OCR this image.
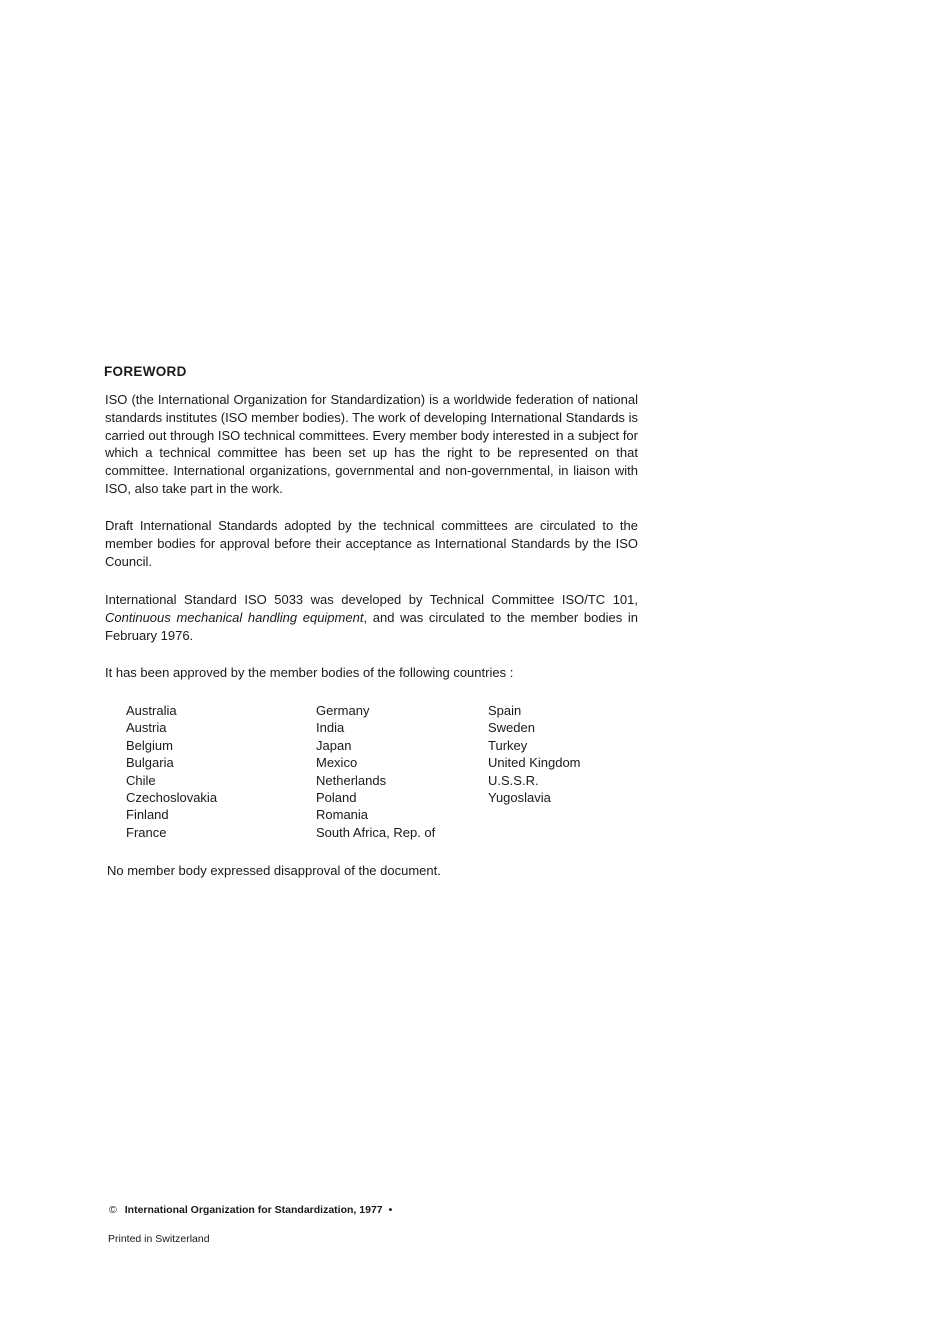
FOREWORD

ISO (the International Organization for Standardization) is a worldwide federation of national standards institutes (ISO member bodies). The work of developing International Standards is carried out through ISO technical committees. Every member body interested in a subject for which a technical committee has been set up has the right to be represented on that committee. International organizations, governmental and non-governmental, in liaison with ISO, also take part in the work.

Draft International Standards adopted by the technical committees are circulated to the member bodies for approval before their acceptance as International Standards by the ISO Council.

International Standard ISO 5033 was developed by Technical Committee ISO/TC 101, Continuous mechanical handling equipment, and was circulated to the member bodies in February 1976.

It has been approved by the member bodies of the following countries :

Australia
Austria
Belgium
Bulgaria
Chile
Czechoslovakia
Finland
France
Germany
India
Japan
Mexico
Netherlands
Poland
Romania
South Africa, Rep. of
Spain
Sweden
Turkey
United Kingdom
U.S.S.R.
Yugoslavia

No member body expressed disapproval of the document.

© International Organization for Standardization, 1977 •

Printed in Switzerland
